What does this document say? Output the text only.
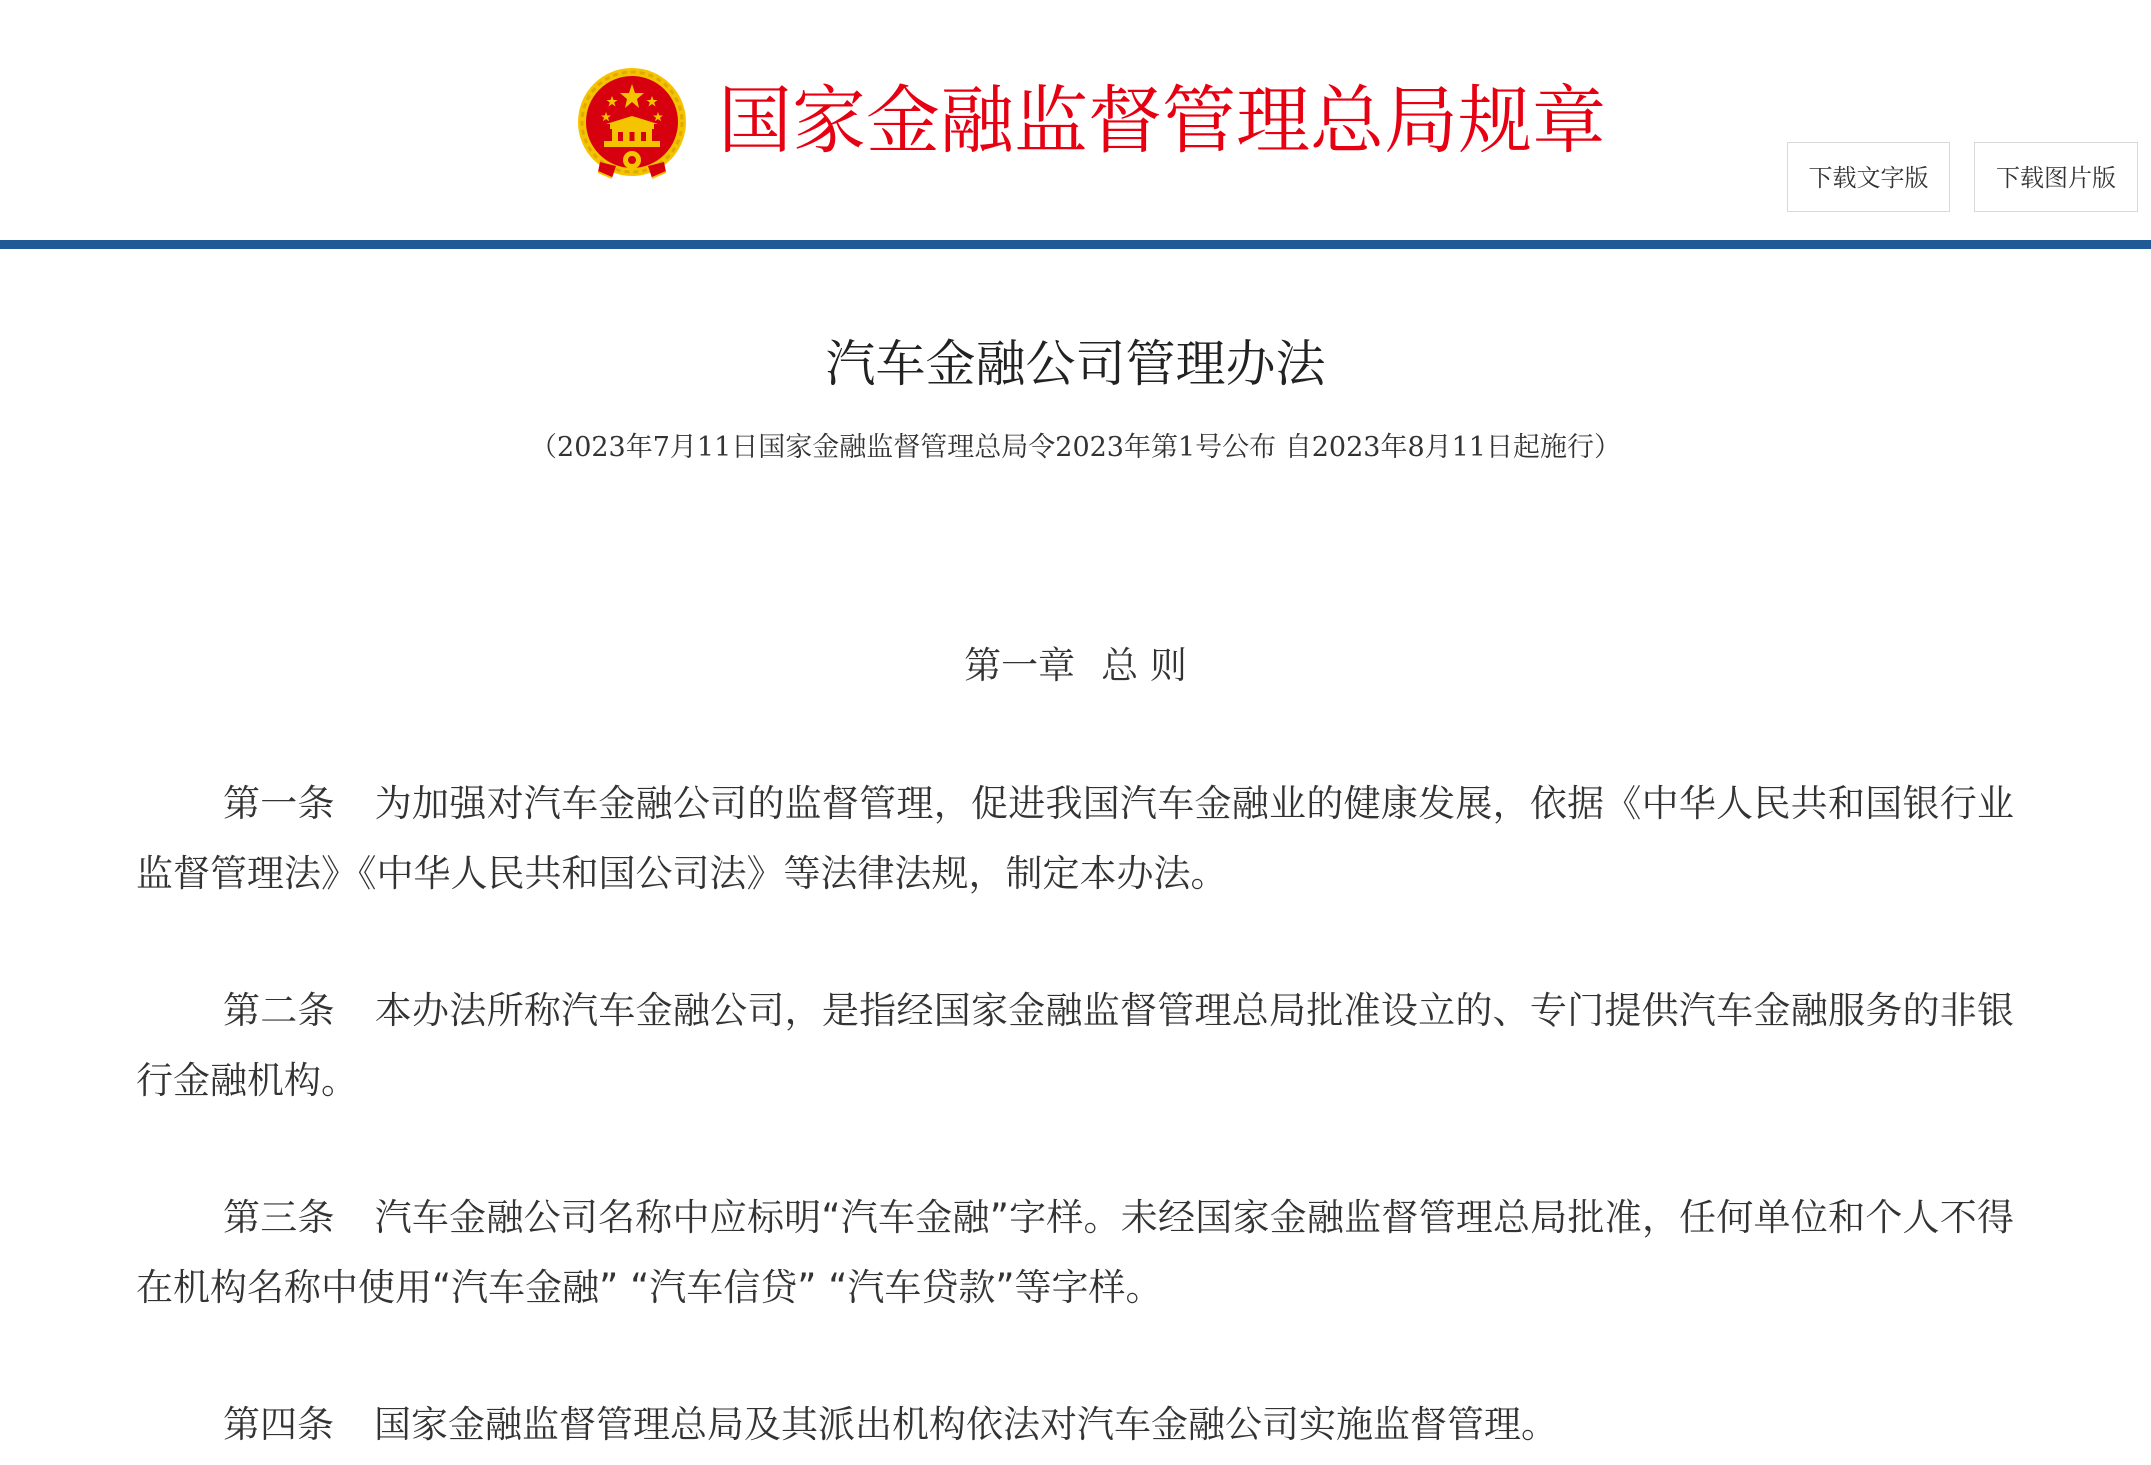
国家金融监督管理总局规章
下载文字版	下载图片版
汽车金融公司管理办法
（2023年7月11日国家金融监督管理总局令2023年第1号公布 自2023年8月11日起施行）
第一章 总 则
第一条 为加强对汽车金融公司的监督管理，促进我国汽车金融业的健康发展，依据《中华人民共和国银行业监督管理法》《中华人民共和国公司法》等法律法规，制定本办法。
第二条 本办法所称汽车金融公司，是指经国家金融监督管理总局批准设立的、专门提供汽车金融服务的非银行金融机构。
第三条 汽车金融公司名称中应标明“汽车金融”字样。未经国家金融监督管理总局批准，任何单位和个人不得在机构名称中使用“汽车金融” “汽车信贷” “汽车贷款”等字样。
第四条 国家金融监督管理总局及其派出机构依法对汽车金融公司实施监督管理。
